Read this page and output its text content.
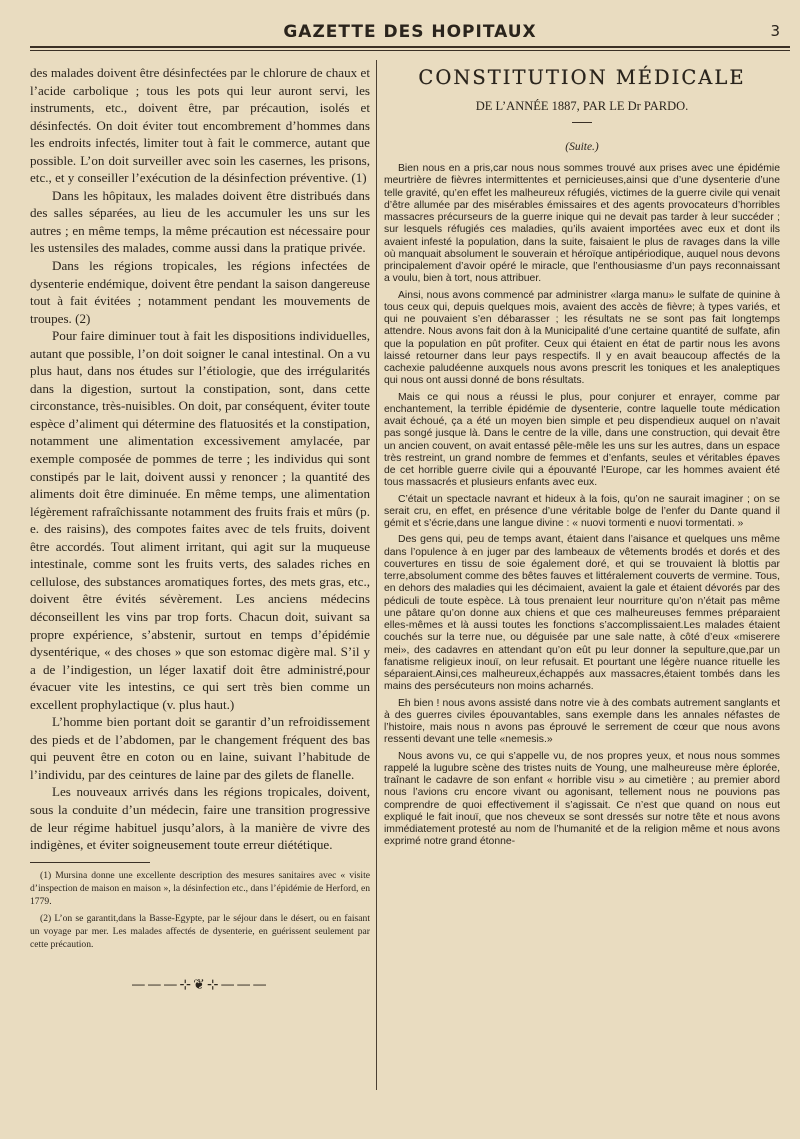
GAZETTE DES HOPITAUX	3

des malades doivent être désinfectées par le chlorure de chaux et l’acide carbolique ; tous les pots qui leur auront servi, les instruments, etc., doivent être, par précaution, isolés et désinfectés. On doit éviter tout encombrement d’hommes dans les endroits infectés, limiter tout à fait le commerce, autant que possible. L’on doit surveiller avec soin les casernes, les prisons, etc., et y conseiller l’exécution de la désinfection préventive. (1)

Dans les hôpitaux, les malades doivent être distribués dans des salles séparées, au lieu de les accumuler les uns sur les autres ; en même temps, la même précaution est nécessaire pour les ustensiles des malades, comme aussi dans la pratique privée.

Dans les régions tropicales, les régions infectées de dysenterie endémique, doivent être pendant la saison dangereuse tout à fait évitées ; notamment pendant les mouvements de troupes. (2)

Pour faire diminuer tout à fait les dispositions individuelles, autant que possible, l’on doit soigner le canal intestinal. On a vu plus haut, dans nos études sur l’étiologie, que des irrégularités dans la digestion, surtout la constipation, sont, dans cette circonstance, très-nuisibles. On doit, par conséquent, éviter toute espèce d’aliment qui détermine des flatuosités et la constipation, notamment une alimentation excessivement amylacée, par exemple composée de pommes de terre ; les individus qui sont constipés par le lait, doivent aussi y renoncer ; la quantité des aliments doit être diminuée. En même temps, une alimentation légèrement rafraîchissante notamment des fruits frais et mûrs (p. e. des raisins), des compotes faites avec de tels fruits, doivent être accordés. Tout aliment irritant, qui agit sur la muqueuse intestinale, comme sont les fruits verts, des salades riches en cellulose, des substances aromatiques fortes, des mets gras, etc., doivent être évités sévèrement. Les anciens médecins déconseillent les vins par trop forts. Chacun doit, suivant sa propre expérience, s’abstenir, surtout en temps d’épidémie dysentérique, « des choses » que son estomac digère mal. S’il y a de l’indigestion, un léger laxatif doit être administré,pour évacuer vite les intestins, ce qui sert très bien comme un excellent prophylactique (v. plus haut.)

L’homme bien portant doit se garantir d’un refroidissement des pieds et de l’abdomen, par le changement fréquent des bas qui peuvent être en coton ou en laine, suivant l’habitude de l’individu, par des ceintures de laine par des gilets de flanelle.

Les nouveaux arrivés dans les régions tropicales, doivent, sous la conduite d’un médecin, faire une transition progressive de leur régime habituel jusqu’alors, à la manière de vivre des indigènes, et éviter soigneusement toute erreur diététique.

(1) Mursina donne une excellente description des mesures sanitaires avec « visite d’inspection de maison en maison », la désinfection etc., dans l’épidémie de Herford, en 1779.

(2) L’on se garantit,dans la Basse-Egypte, par le séjour dans le désert, ou en faisant un voyage par mer. Les malades affectés de dysenterie, en guérissent seulement par cette précaution.

———⊹❦⊹———
CONSTITUTION MÉDICALE

DE L’ANNÉE 1887, PAR LE Dr PARDO.

(Suite.)

Bien nous en a pris,car nous nous sommes trouvé aux prises avec une épidémie meurtrière de fièvres intermittentes et pernicieuses,ainsi que d’une dysenterie d’une telle gravité, qu’en effet les malheureux réfugiés, victimes de la guerre civile qui venait d’être allumée par des misérables émissaires et des agents provocateurs d’horribles massacres précurseurs de la guerre inique qui ne devait pas tarder à leur succéder ; sur lesquels réfugiés ces maladies, qu’ils avaient importées avec eux et dont ils avaient infesté la population, dans la suite, faisaient le plus de ravages dans la ville où manquait absolument le souverain et héroïque antipériodique, auquel nous devons principalement d’avoir opéré le miracle, que l’enthousiasme d’un pays reconnaissant a voulu, bien à tort, nous attribuer.

Ainsi, nous avons commencé par administrer «larga manu» le sulfate de quinine à tous ceux qui, depuis quelques mois, avaient des accès de fièvre; à types variés, et qui ne pouvaient s’en débarasser ; les résultats ne se sont pas fait longtemps attendre. Nous avons fait don à la Municipalité d’une certaine quantité de sulfate, afin que la population en pût profiter. Ceux qui étaient en état de partir nous les avons laissé retourner dans leur pays respectifs. Il y en avait beaucoup affectés de la cachexie paludéenne auxquels nous avons prescrit les toniques et les analeptiques qui nous ont aussi donné de bons résultats.

Mais ce qui nous a réussi le plus, pour conjurer et enrayer, comme par enchantement, la terrible épidémie de dysenterie, contre laquelle toute médication avait échoué, ça a été un moyen bien simple et peu dispendieux auquel on n’avait pas songé jusque là. Dans le centre de la ville, dans une construction, qui devait être un ancien couvent, on avait entassé pêle-mêle les uns sur les autres, dans un espace très restreint, un grand nombre de femmes et d’enfants, seules et véritables épaves de cet horrible guerre civile qui a épouvanté l’Europe, car les hommes avaient été tous massacrés et plusieurs enfants avec eux.

C’était un spectacle navrant et hideux à la fois, qu’on ne saurait imaginer ; on se serait cru, en effet, en présence d’une véritable bolge de l’enfer du Dante quand il gémit et s’écrie,dans une langue divine : « nuovi tormenti e nuovi tormentati. »

Des gens qui, peu de temps avant, étaient dans l’aisance et quelques uns même dans l’opulence à en juger par des lambeaux de vêtements brodés et dorés et des couvertures en tissu de soie également doré, et qui se trouvaient là blottis par terre,absolument comme des bêtes fauves et littéralement couverts de vermine. Tous, en dehors des maladies qui les décimaient, avaient la gale et étaient dévorés par des pédiculi de toute espèce. Là tous prenaient leur nourriture qu’on n’était pas même une pâtare qu’on donne aux chiens et que ces malheureuses femmes préparaient elles-mêmes et là aussi toutes les fonctions s’accomplissaient.Les malades étaient couchés sur la terre nue, ou déguisée par une sale natte, à côté d’eux «miserere mei», des cadavres en attendant qu’on eût pu leur donner la sepulture,que,par un fanatisme religieux inouï, on leur refusait. Et pourtant une légère nuance rituelle les séparaient.Ainsi,ces malheureux,échappés aux massacres,étaient tombés dans les mains des persécuteurs non moins acharnés.

Eh bien ! nous avons assisté dans notre vie à des combats autrement sanglants et à des guerres civiles épouvantables, sans exemple dans les annales néfastes de l’histoire, mais nous n avons pas éprouvé le serrement de cœur que nous avons ressenti devant une telle «nemesis.»

Nous avons vu, ce qui s’appelle vu, de nos propres yeux, et nous nous sommes rappelé la lugubre scène des tristes nuits de Young, une malheureuse mère éplorée, traînant le cadavre de son enfant « horrible visu » au cimetière ; au premier abord nous l’avions cru encore vivant ou agonisant, tellement nous ne pouvions pas comprendre de quoi effectivement il s’agissait. Ce n’est que quand on nous eut expliqué le fait inouï, que nos cheveux se sont dressés sur notre tête et nous avons immédiatement protesté au nom de l’humanité et de la religion même et nous avons exprimé notre grand étonne-
